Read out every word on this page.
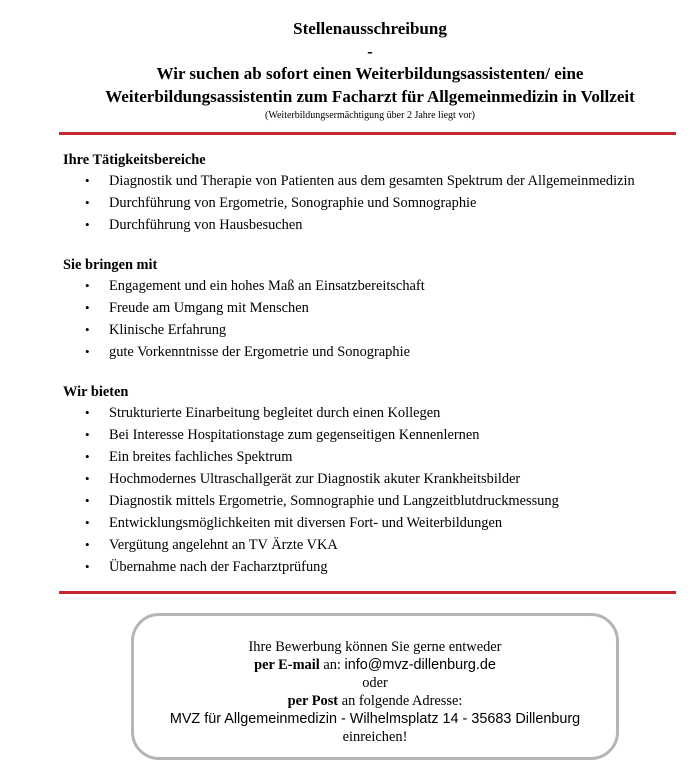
Stellenausschreibung
-
Wir suchen ab sofort einen Weiterbildungsassistenten/ eine
Weiterbildungsassistentin zum Facharzt für Allgemeinmedizin in Vollzeit
(Weiterbildungsermächtigung über 2 Jahre liegt vor)
Ihre Tätigkeitsbereiche
• Diagnostik und Therapie von Patienten aus dem gesamten Spektrum der Allgemeinmedizin
• Durchführung von Ergometrie, Sonographie und Somnographie
• Durchführung von Hausbesuchen
Sie bringen mit
• Engagement und ein hohes Maß an Einsatzbereitschaft
• Freude am Umgang mit Menschen
• Klinische Erfahrung
• gute Vorkenntnisse der Ergometrie und Sonographie
Wir bieten
• Strukturierte Einarbeitung begleitet durch einen Kollegen
• Bei Interesse Hospitationstage zum gegenseitigen Kennenlernen
• Ein breites fachliches Spektrum
• Hochmodernes Ultraschallgerät zur Diagnostik akuter Krankheitsbilder
• Diagnostik mittels Ergometrie, Somnographie und Langzeitblutdruckmessung
• Entwicklungsmöglichkeiten mit diversen Fort- und Weiterbildungen
• Vergütung angelehnt an TV Ärzte VKA
• Übernahme nach der Facharztprüfung
Ihre Bewerbung können Sie gerne entweder
per E-mail an: info@mvz-dillenburg.de
oder
per Post an folgende Adresse:
MVZ für Allgemeinmedizin - Wilhelmsplatz 14 - 35683 Dillenburg
einreichen!
